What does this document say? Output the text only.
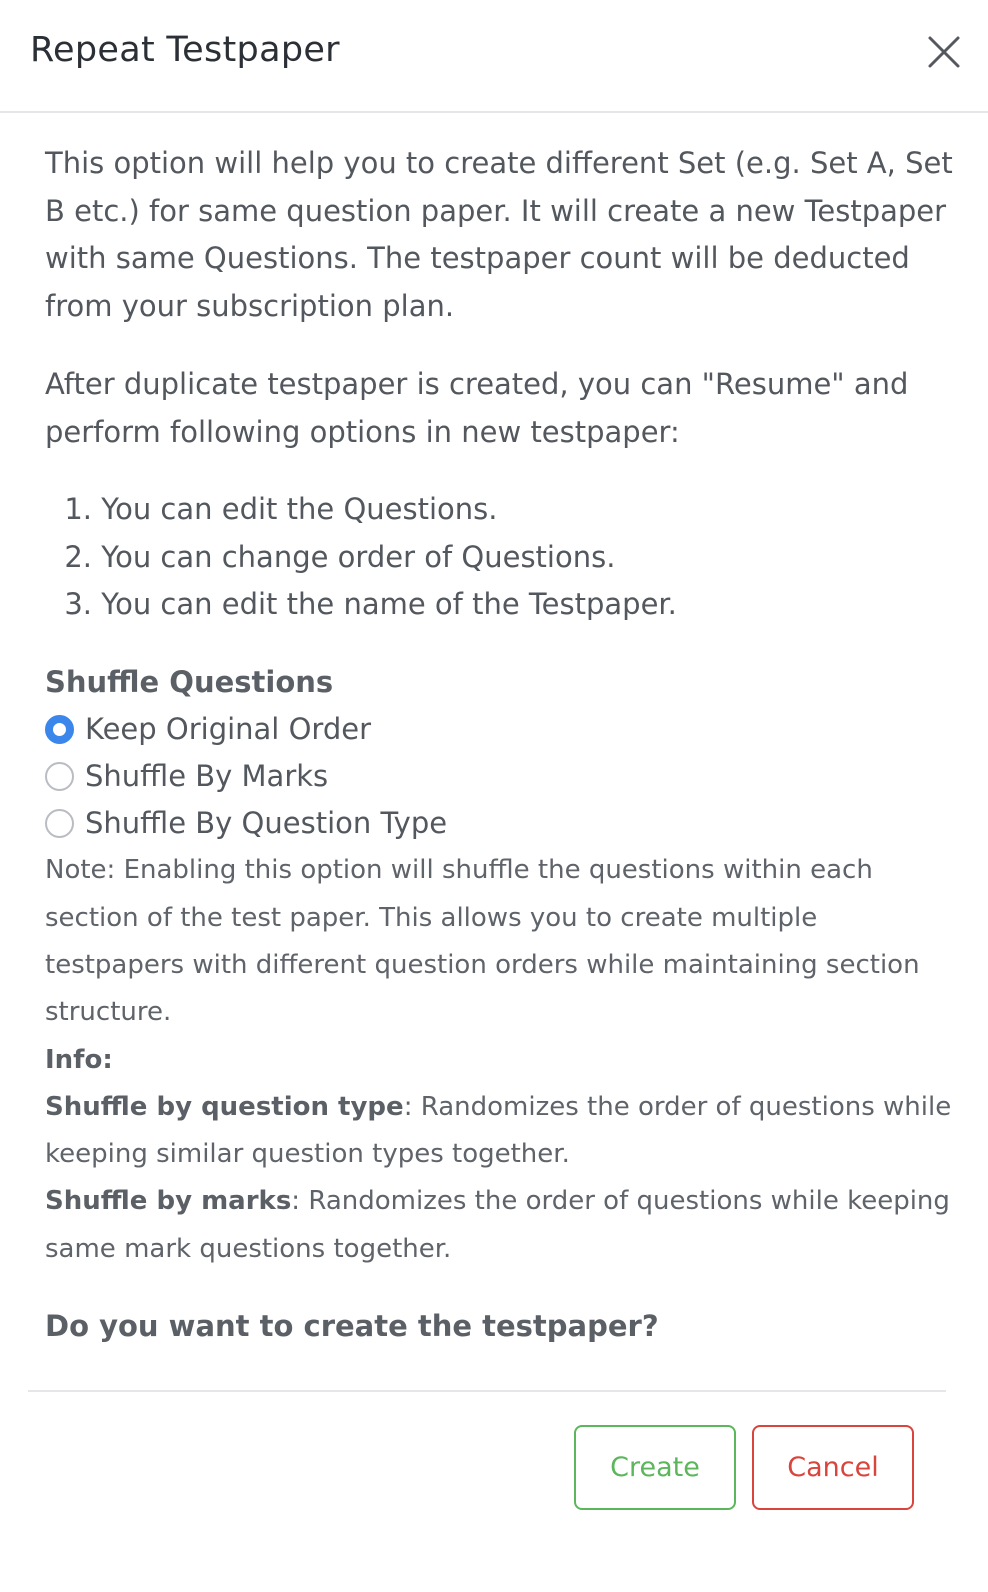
Repeat Testpaper

This option will help you to create different Set (e.g. Set A, Set B etc.) for same question paper. It will create a new Testpaper with same Questions. The testpaper count will be deducted from your subscription plan.

After duplicate testpaper is created, you can "Resume" and perform following options in new testpaper:

1. You can edit the Questions.
2. You can change order of Questions.
3. You can edit the name of the Testpaper.
Shuffle Questions
Keep Original Order
Shuffle By Marks
Shuffle By Question Type

Note: Enabling this option will shuffle the questions within each section of the test paper. This allows you to create multiple testpapers with different question orders while maintaining section structure.

Info:

Shuffle by question type: Randomizes the order of questions while keeping similar question types together.

Shuffle by marks: Randomizes the order of questions while keeping same mark questions together.

Do you want to create the testpaper?
Create	Cancel
